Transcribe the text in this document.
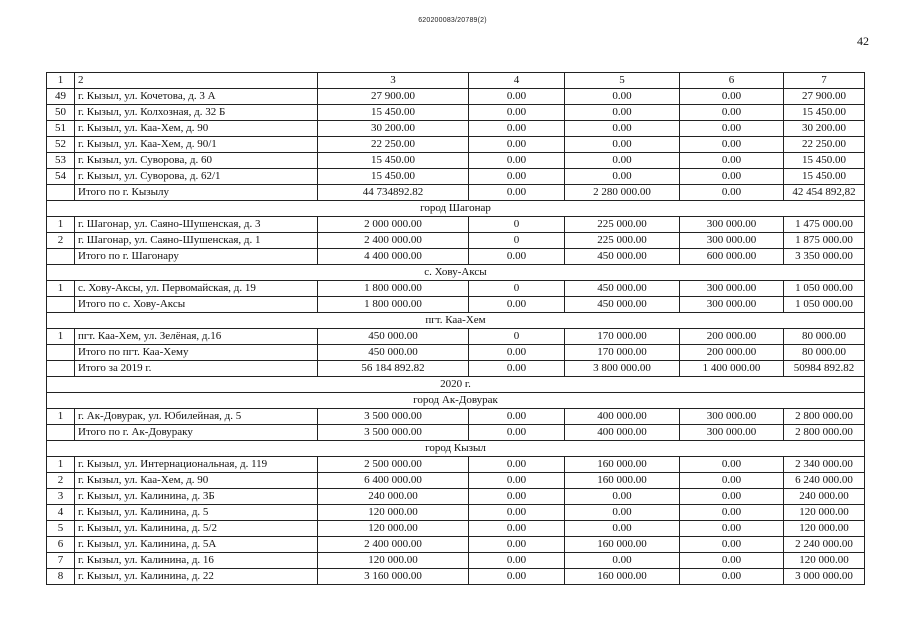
620200083/20789(2)
42
1	2	3	4	5	6	7
49	г. Кызыл, ул. Кочетова, д. 3 А	27 900.00	0.00	0.00	0.00	27 900.00
50	г. Кызыл, ул. Колхозная, д. 32 Б	15 450.00	0.00	0.00	0.00	15 450.00
51	г. Кызыл, ул. Каа-Хем, д. 90	30 200.00	0.00	0.00	0.00	30 200.00
52	г. Кызыл, ул. Каа-Хем, д. 90/1	22 250.00	0.00	0.00	0.00	22 250.00
53	г. Кызыл, ул. Суворова, д. 60	15 450.00	0.00	0.00	0.00	15 450.00
54	г. Кызыл, ул. Суворова, д. 62/1	15 450.00	0.00	0.00	0.00	15 450.00
	Итого по г. Кызылу	44 734892.82	0.00	2 280 000.00	0.00	42 454 892,82
город Шагонар						
1	г. Шагонар, ул. Саяно-Шушенская, д. 3	2 000 000.00	0	225 000.00	300 000.00	1 475 000.00
2	г. Шагонар, ул. Саяно-Шушенская, д. 1	2 400 000.00	0	225 000.00	300 000.00	1 875 000.00
	Итого по г. Шагонару	4 400 000.00	0.00	450 000.00	600 000.00	3 350 000.00
с. Хову-Аксы						
1	с. Хову-Аксы, ул. Первомайская, д. 19	1 800 000.00	0	450 000.00	300 000.00	1 050 000.00
	Итого по с. Хову-Аксы	1 800 000.00	0.00	450 000.00	300 000.00	1 050 000.00
пгт. Каа-Хем						
1	пгт. Каа-Хем, ул. Зелёная, д.16	450 000.00	0	170 000.00	200 000.00	80 000.00
	Итого по пгт. Каа-Хему	450 000.00	0.00	170 000.00	200 000.00	80 000.00
	Итого за 2019 г.	56 184 892.82	0.00	3 800 000.00	1 400 000.00	50984 892.82
2020 г.						
город Ак-Довурак						
1	г. Ак-Довурак, ул. Юбилейная, д. 5	3 500 000.00	0.00	400 000.00	300 000.00	2 800 000.00
	Итого по г. Ак-Довураку	3 500 000.00	0.00	400 000.00	300 000.00	2 800 000.00
город Кызыл						
1	г. Кызыл, ул. Интернациональная, д. 119	2 500 000.00	0.00	160 000.00	0.00	2 340 000.00
2	г. Кызыл, ул. Каа-Хем, д. 90	6 400 000.00	0.00	160 000.00	0.00	6 240 000.00
3	г. Кызыл, ул. Калинина, д. 3Б	240 000.00	0.00	0.00	0.00	240 000.00
4	г. Кызыл, ул. Калинина, д. 5	120 000.00	0.00	0.00	0.00	120 000.00
5	г. Кызыл, ул. Калинина, д. 5/2	120 000.00	0.00	0.00	0.00	120 000.00
6	г. Кызыл, ул. Калинина, д. 5А	2 400 000.00	0.00	160 000.00	0.00	2 240 000.00
7	г. Кызыл, ул. Калинина, д. 16	120 000.00	0.00	0.00	0.00	120 000.00
8	г. Кызыл, ул. Калинина, д. 22	3 160 000.00	0.00	160 000.00	0.00	3 000 000.00
